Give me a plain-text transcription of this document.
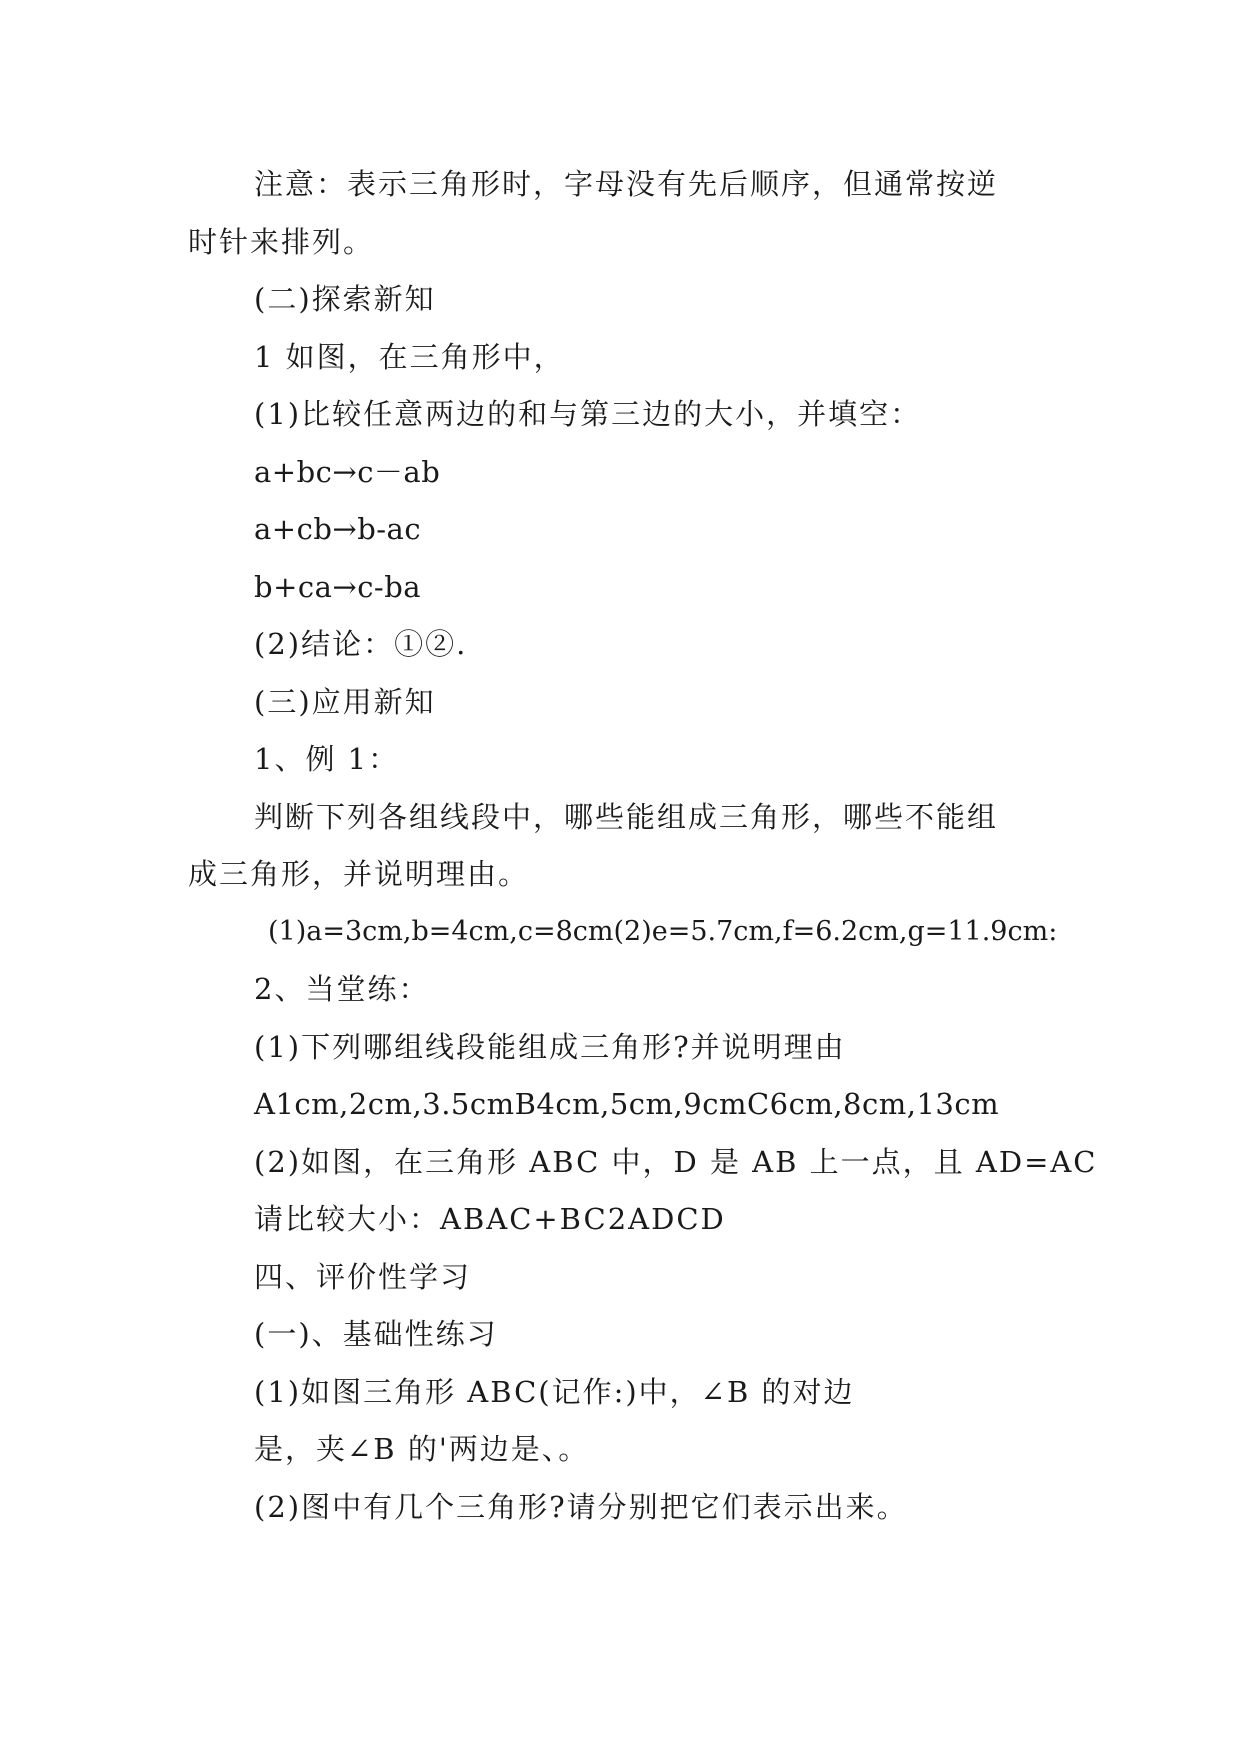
注意：表示三角形时，字母没有先后顺序，但通常按逆
时针来排列。
(二)探索新知
1 如图，在三角形中，
(1)比较任意两边的和与第三边的大小，并填空：
a+bc→c－ab
a+cb→b-ac
b+ca→c-ba
(2)结论：①②.
(三)应用新知
1、例 1：
判断下列各组线段中，哪些能组成三角形，哪些不能组
成三角形，并说明理由。
(1)a=3cm,b=4cm,c=8cm(2)e=5.7cm,f=6.2cm,g=11.9cm:
2、当堂练：
(1)下列哪组线段能组成三角形?并说明理由
A1cm,2cm,3.5cmB4cm,5cm,9cmC6cm,8cm,13cm
(2)如图，在三角形 ABC 中，D 是 AB 上一点，且 AD=AC
请比较大小：ABAC+BC2ADCD
四、评价性学习
(一)、基础性练习
(1)如图三角形 ABC(记作:)中，∠B 的对边
是，夹∠B 的'两边是、。
(2)图中有几个三角形?请分别把它们表示出来。
